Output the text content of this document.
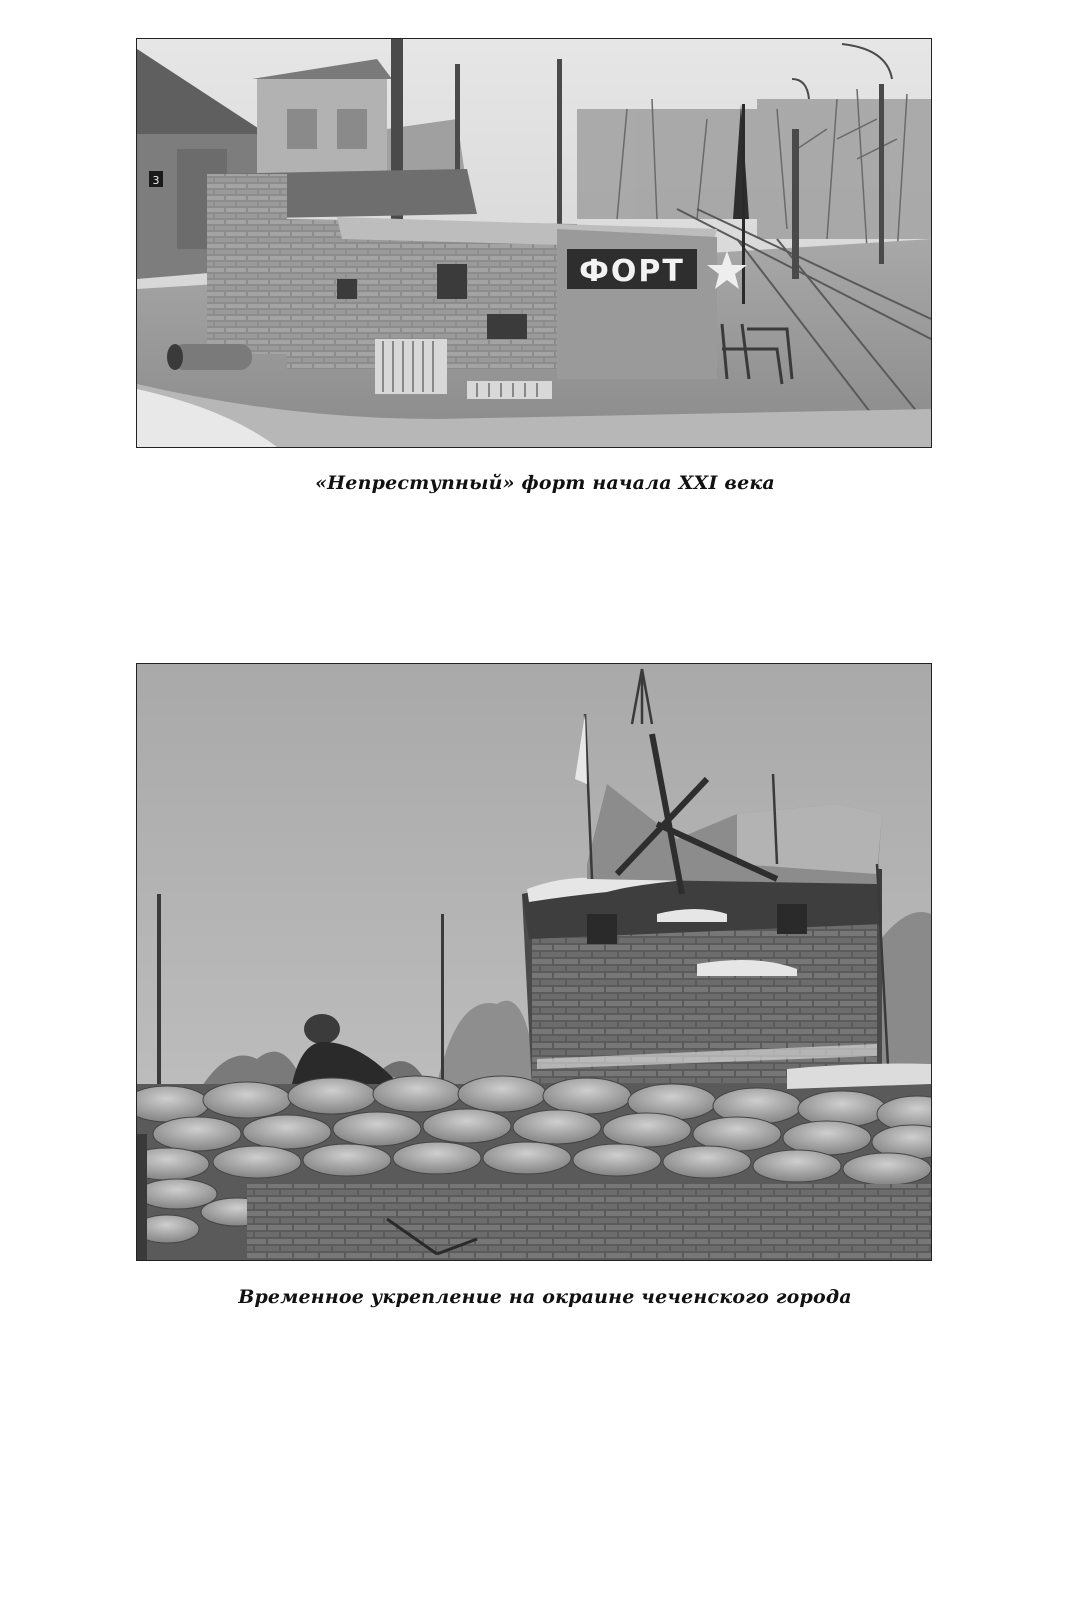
3
ФОРТ
«Непреступный» форт начала XXI века
Временное укрепление на окраине чеченского города
